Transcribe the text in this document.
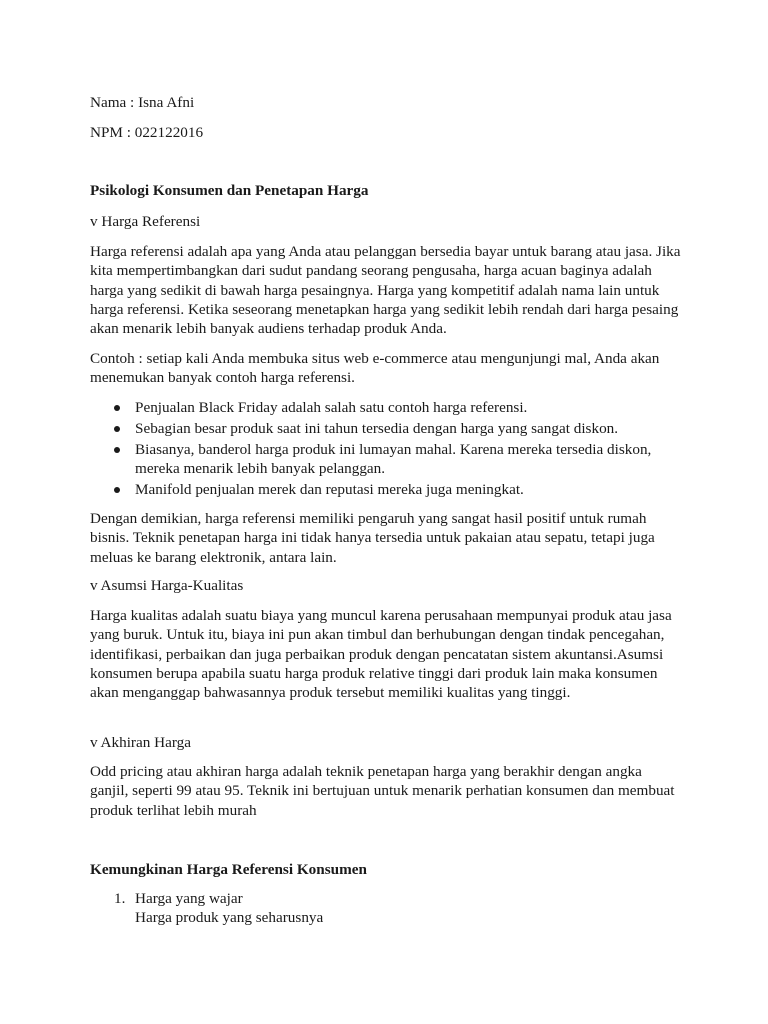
Nama : Isna Afni

NPM : 022122016

Psikologi Konsumen dan Penetapan Harga

v Harga Referensi

Harga referensi adalah apa yang Anda atau pelanggan bersedia bayar untuk barang atau jasa. Jika
kita mempertimbangkan dari sudut pandang seorang pengusaha, harga acuan baginya adalah
harga yang sedikit di bawah harga pesaingnya. Harga yang kompetitif adalah nama lain untuk
harga referensi. Ketika seseorang menetapkan harga yang sedikit lebih rendah dari harga pesaing
akan menarik lebih banyak audiens terhadap produk Anda.
Contoh : setiap kali Anda membuka situs web e-commerce atau mengunjungi mal, Anda akan
menemukan banyak contoh harga referensi.
Penjualan Black Friday adalah salah satu contoh harga referensi.
Sebagian besar produk saat ini tahun tersedia dengan harga yang sangat diskon.
Biasanya, banderol harga produk ini lumayan mahal. Karena mereka tersedia diskon,
mereka menarik lebih banyak pelanggan.
Manifold penjualan merek dan reputasi mereka juga meningkat.
Dengan demikian, harga referensi memiliki pengaruh yang sangat hasil positif untuk rumah
bisnis. Teknik penetapan harga ini tidak hanya tersedia untuk pakaian atau sepatu, tetapi juga
meluas ke barang elektronik, antara lain.

v Asumsi Harga-Kualitas

Harga kualitas adalah suatu biaya yang muncul karena perusahaan mempunyai produk atau jasa
yang buruk. Untuk itu, biaya ini pun akan timbul dan berhubungan dengan tindak pencegahan,
identifikasi, perbaikan dan juga perbaikan produk dengan pencatatan sistem akuntansi.Asumsi
konsumen berupa apabila suatu harga produk relative tinggi dari produk lain maka konsumen
akan menganggap bahwasannya produk tersebut memiliki kualitas yang tinggi.

v Akhiran Harga

Odd pricing atau akhiran harga adalah teknik penetapan harga yang berakhir dengan angka
ganjil, seperti 99 atau 95. Teknik ini bertujuan untuk menarik perhatian konsumen dan membuat
produk terlihat lebih murah

Kemungkinan Harga Referensi Konsumen

1. Harga yang wajar
Harga produk yang seharusnya
